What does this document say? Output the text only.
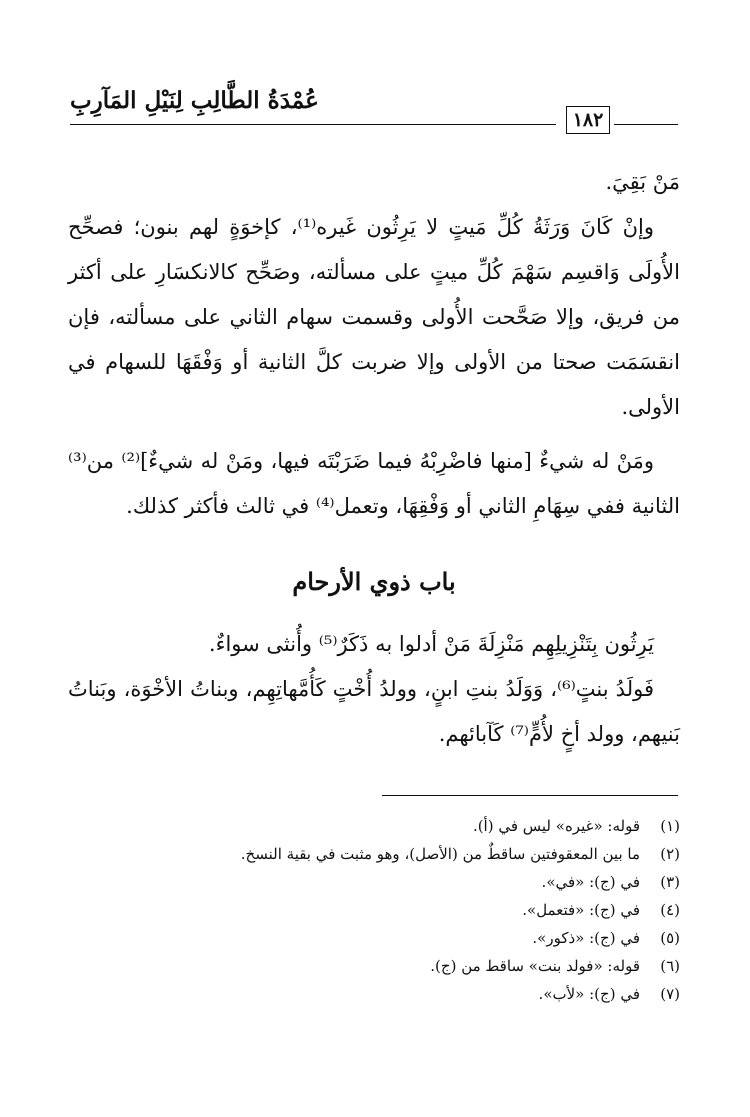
عُمْدَةُ الطَّالِبِ لِنَيْلِ المَآرِبِ
١٨٢

مَنْ بَقِيَ.

وإنْ كَانَ وَرَثَةُ كُلِّ مَيتٍ لا يَرِثُون غَيره⁽¹⁾، كإخوَةٍ لهم بنون؛ فصحِّح الأُولَى وَاقسِم سَهْمَ كُلِّ ميتٍ على مسألته، وصَحِّح كالانكسَارِ على أكثر من فريق، وإلا صَحَّحت الأُولى وقسمت سهام الثاني على مسألته، فإن انقسَمَت صحتا من الأولى وإلا ضربت كلَّ الثانية أو وَفْقَهَا للسهام في الأولى.

ومَنْ له شيءٌ [منها فاضْرِبْهُ فيما ضَرَبْتَه فيها، ومَنْ له شيءٌ]⁽²⁾ من⁽³⁾ الثانية ففي سِهَامِ الثاني أو وَفْقِهَا، وتعمل⁽⁴⁾ في ثالث فأكثر كذلك.

باب ذوي الأرحام

يَرِثُون بِتَنْزِيلِهِم مَنْزِلَةَ مَنْ أدلوا به ذَكَرٌ⁽⁵⁾ وأُنثى سواءٌ.

فَولَدُ بنتٍ⁽⁶⁾، وَوَلَدُ بنتِ ابنٍ، وولدُ أُخْتٍ كَأُمَّهاتِهِم، وبناتُ الأخْوَة، وبَناتُ بَنيهم، وولد أخٍ لأُمٍّ⁽⁷⁾ كَآبائهم.

(١)
قوله: «غيره» ليس في (أ).
(٢)
ما بين المعقوفتين ساقطٌ من (الأصل)، وهو مثبت في بقية النسخ.
(٣)
في (ج): «في».
(٤)
في (ج): «فتعمل».
(٥)
في (ج): «ذكور».
(٦)
قوله: «فولد بنت» ساقط من (ج).
(٧)
في (ج): «لأب».
